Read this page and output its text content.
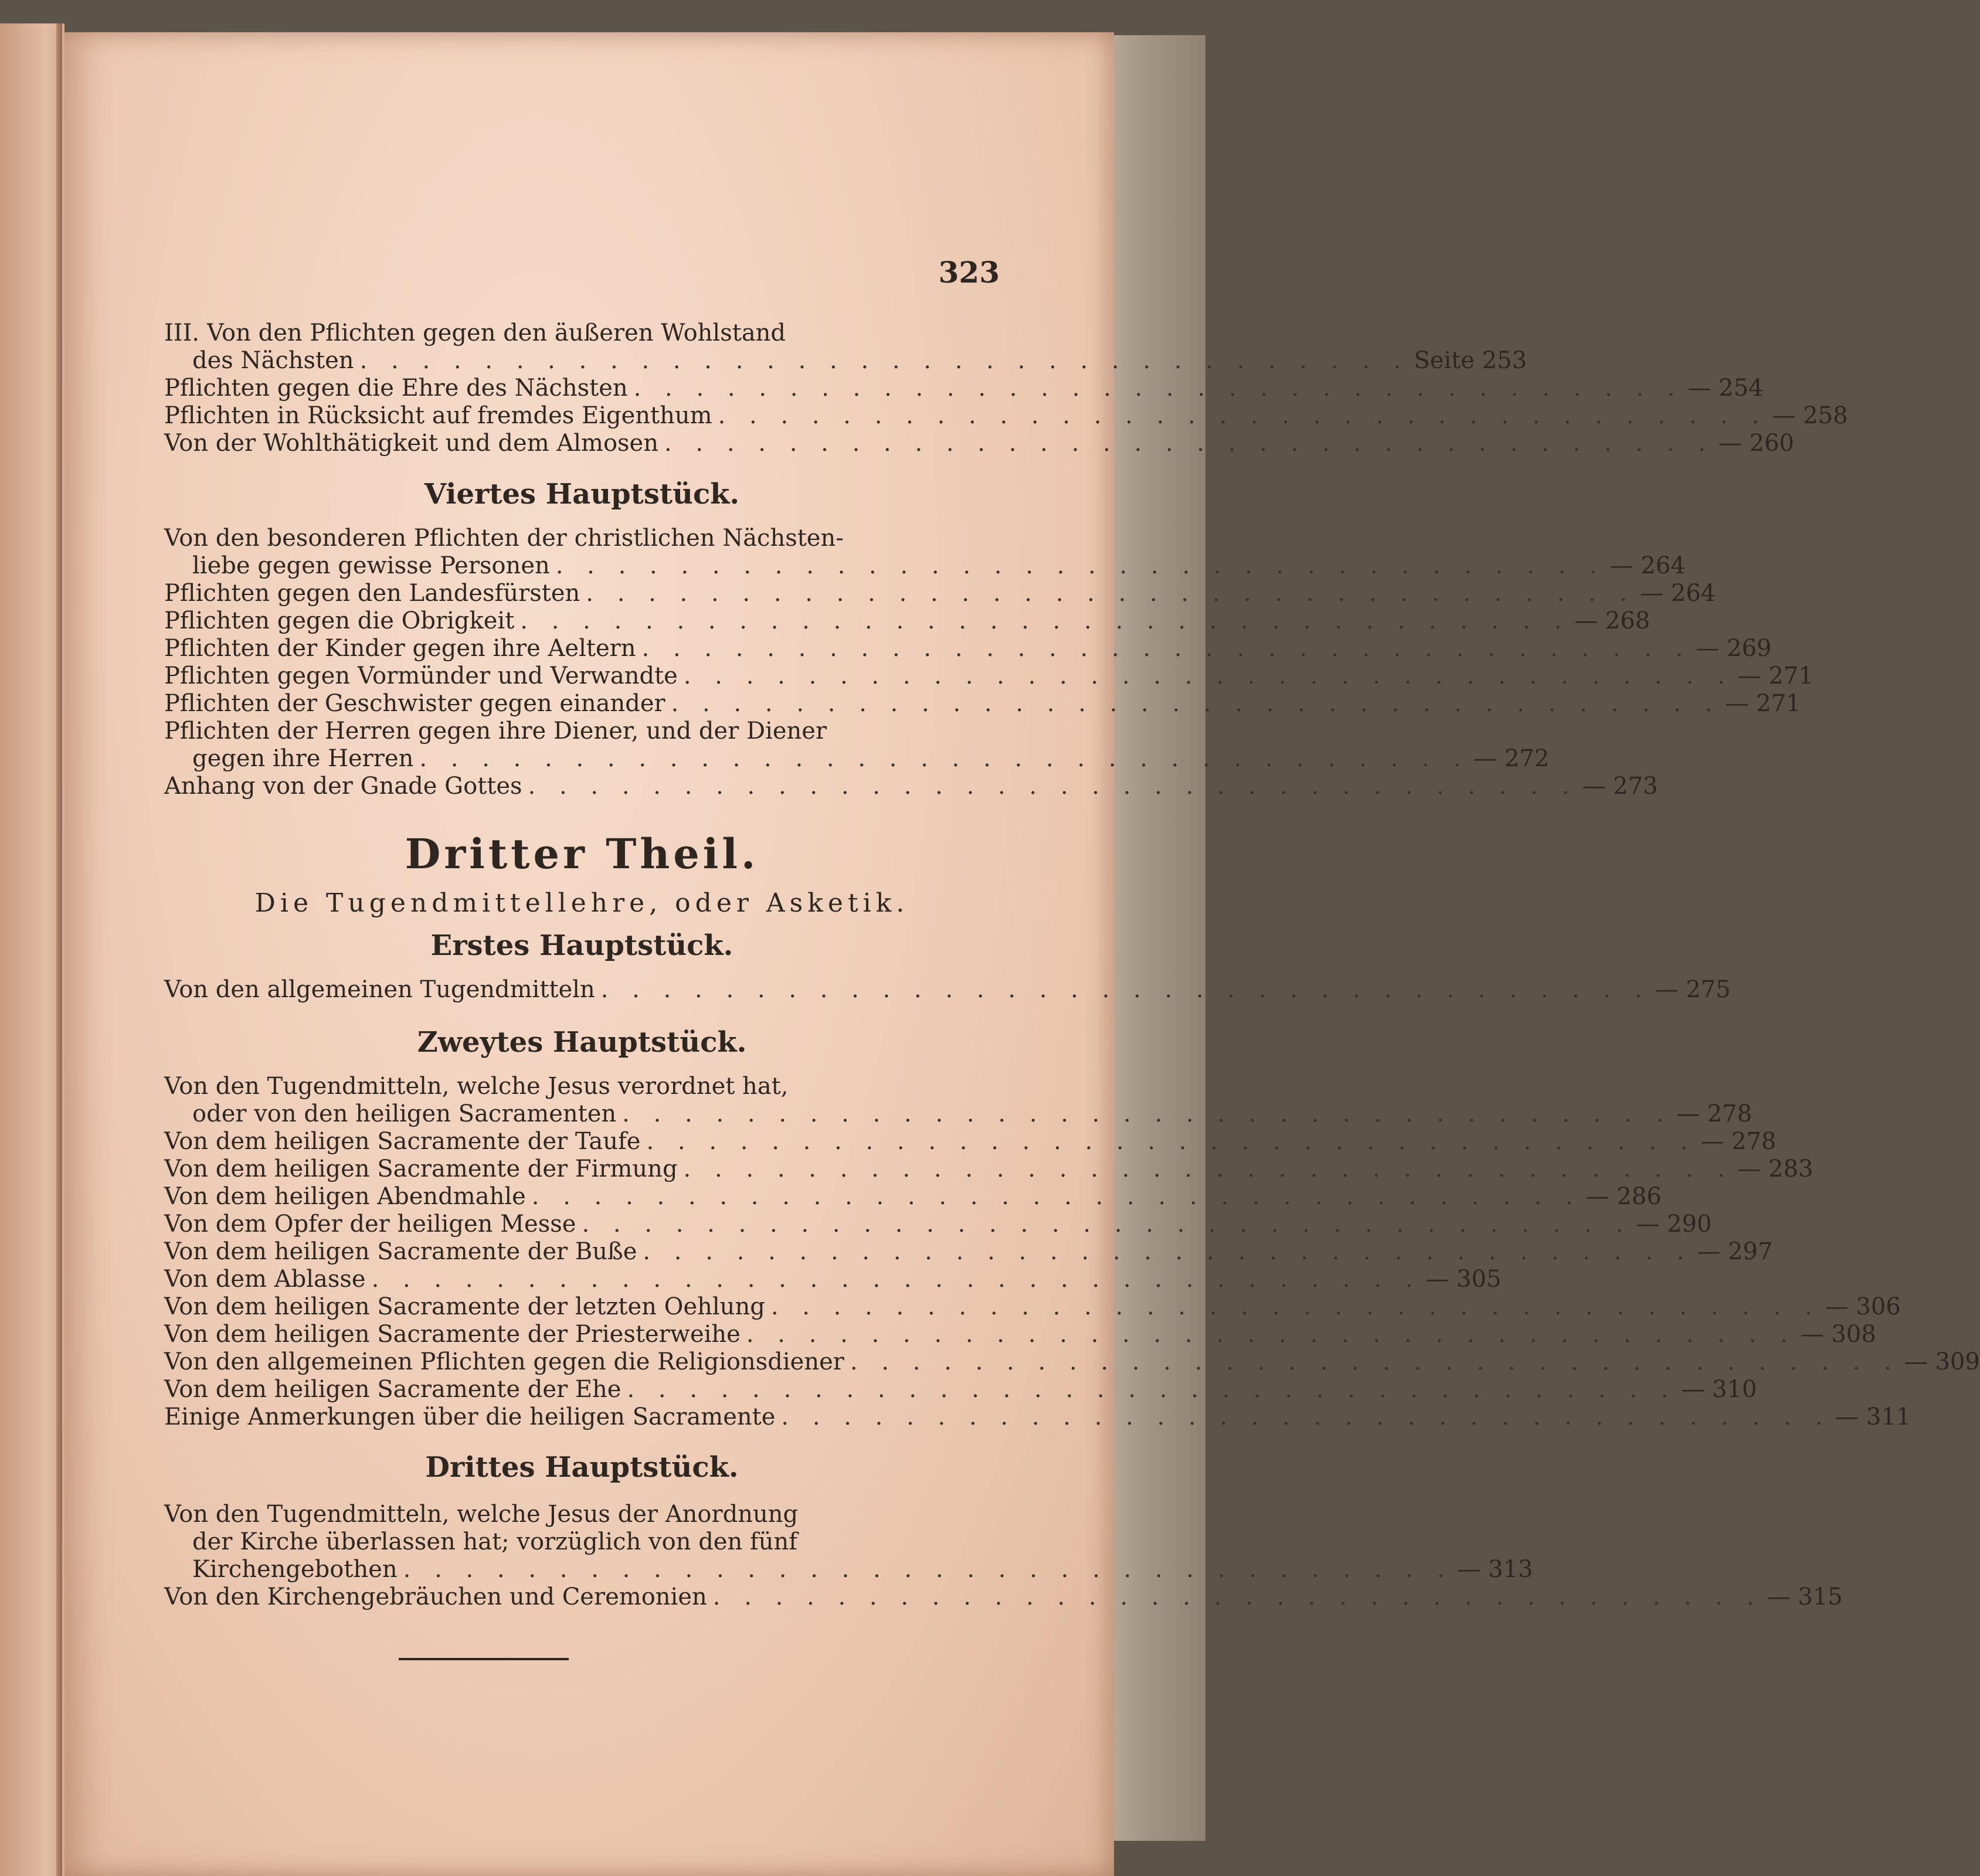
323
III. Von den Pflichten gegen den äußeren Wohlstand
des Nächsten . . . . . . . . . . . . . . . . . . . . . . . . . . . . . . . . . . Seite 253
Pflichten gegen die Ehre des Nächsten . . . . . . . . . . . . . . . . . . . . . . . . . . . . . . . . . . — 254
Pflichten in Rücksicht auf fremdes Eigenthum . . . . . . . . . . . . . . . . . . . . . . . . . . . . . . . . . . — 258
Von der Wohlthätigkeit und dem Almosen . . . . . . . . . . . . . . . . . . . . . . . . . . . . . . . . . . — 260
Viertes Hauptstück.
Von den besonderen Pflichten der christlichen Nächsten-
liebe gegen gewisse Personen . . . . . . . . . . . . . . . . . . . . . . . . . . . . . . . . . . — 264
Pflichten gegen den Landesfürsten . . . . . . . . . . . . . . . . . . . . . . . . . . . . . . . . . . — 264
Pflichten gegen die Obrigkeit . . . . . . . . . . . . . . . . . . . . . . . . . . . . . . . . . . — 268
Pflichten der Kinder gegen ihre Aeltern . . . . . . . . . . . . . . . . . . . . . . . . . . . . . . . . . . — 269
Pflichten gegen Vormünder und Verwandte . . . . . . . . . . . . . . . . . . . . . . . . . . . . . . . . . . — 271
Pflichten der Geschwister gegen einander . . . . . . . . . . . . . . . . . . . . . . . . . . . . . . . . . . — 271
Pflichten der Herren gegen ihre Diener, und der Diener
gegen ihre Herren . . . . . . . . . . . . . . . . . . . . . . . . . . . . . . . . . . — 272
Anhang von der Gnade Gottes . . . . . . . . . . . . . . . . . . . . . . . . . . . . . . . . . . — 273
Dritter Theil.
Die Tugendmittellehre, oder Asketik.
Erstes Hauptstück.
Von den allgemeinen Tugendmitteln . . . . . . . . . . . . . . . . . . . . . . . . . . . . . . . . . . — 275
Zweytes Hauptstück.
Von den Tugendmitteln, welche Jesus verordnet hat,
oder von den heiligen Sacramenten . . . . . . . . . . . . . . . . . . . . . . . . . . . . . . . . . . — 278
Von dem heiligen Sacramente der Taufe . . . . . . . . . . . . . . . . . . . . . . . . . . . . . . . . . . — 278
Von dem heiligen Sacramente der Firmung . . . . . . . . . . . . . . . . . . . . . . . . . . . . . . . . . . — 283
Von dem heiligen Abendmahle . . . . . . . . . . . . . . . . . . . . . . . . . . . . . . . . . . — 286
Von dem Opfer der heiligen Messe . . . . . . . . . . . . . . . . . . . . . . . . . . . . . . . . . . — 290
Von dem heiligen Sacramente der Buße . . . . . . . . . . . . . . . . . . . . . . . . . . . . . . . . . . — 297
Von dem Ablasse . . . . . . . . . . . . . . . . . . . . . . . . . . . . . . . . . . — 305
Von dem heiligen Sacramente der letzten Oehlung . . . . . . . . . . . . . . . . . . . . . . . . . . . . . . . . . . — 306
Von dem heiligen Sacramente der Priesterweihe . . . . . . . . . . . . . . . . . . . . . . . . . . . . . . . . . . — 308
Von den allgemeinen Pflichten gegen die Religionsdiener . . . . . . . . . . . . . . . . . . . . . . . . . . . . . . . . . . — 309
Von dem heiligen Sacramente der Ehe . . . . . . . . . . . . . . . . . . . . . . . . . . . . . . . . . . — 310
Einige Anmerkungen über die heiligen Sacramente . . . . . . . . . . . . . . . . . . . . . . . . . . . . . . . . . . — 311
Drittes Hauptstück.
Von den Tugendmitteln, welche Jesus der Anordnung
der Kirche überlassen hat; vorzüglich von den fünf
Kirchengebothen . . . . . . . . . . . . . . . . . . . . . . . . . . . . . . . . . . — 313
Von den Kirchengebräuchen und Ceremonien . . . . . . . . . . . . . . . . . . . . . . . . . . . . . . . . . . — 315
